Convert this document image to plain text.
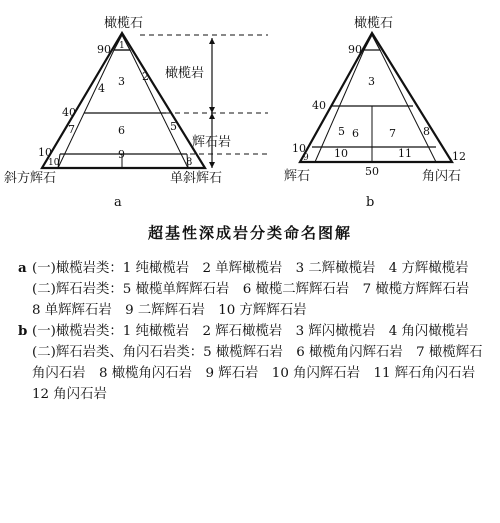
橄榄石
90
40
10
1
2
3
4
5
6
7
8
9
10
橄榄岩
辉石岩
斜方辉石	单斜辉石
a
橄榄石
90
40
10
3
5 6	7 8
9 10	11	12
50
辉石	角闪石
b
超基性深成岩分类命名图解

a (一)橄榄岩类：1 纯橄榄岩　2 单辉橄榄岩　3 二辉橄榄岩　4 方辉橄榄岩

(二)辉石岩类：5 橄榄单辉辉石岩　6 橄榄二辉辉石岩　7 橄榄方辉辉石岩　8 单辉辉石岩　9 二辉辉石岩　10 方辉辉石岩

b (一)橄榄岩类：1 纯橄榄岩　2 辉石橄榄岩　3 辉闪橄榄岩　4 角闪橄榄岩

(二)辉石岩类、角闪石岩类：5 橄榄辉石岩　6 橄榄角闪辉石岩　7 橄榄辉石角闪石岩　8 橄榄角闪石岩　9 辉石岩　10 角闪辉石岩　11 辉石角闪石岩　12 角闪石岩
